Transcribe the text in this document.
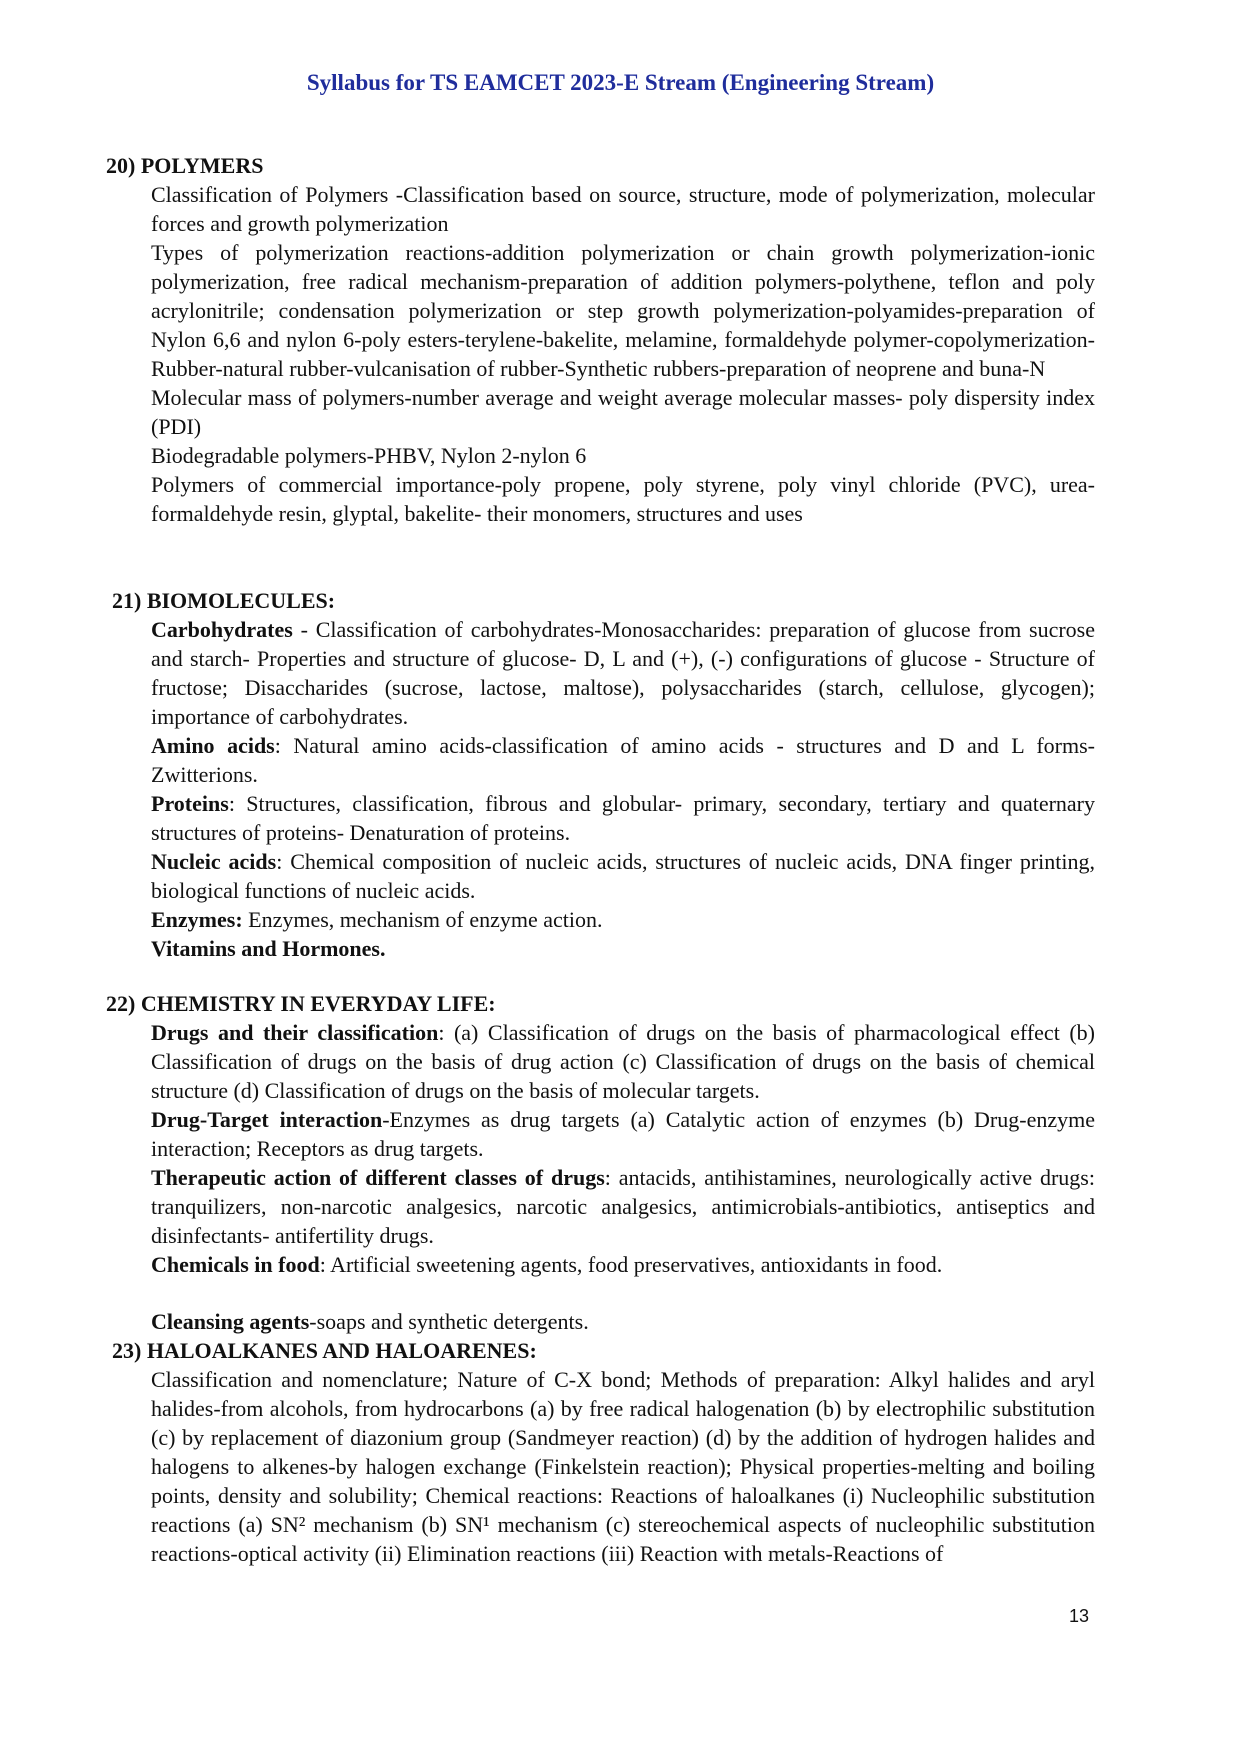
Syllabus for TS EAMCET 2023-E Stream (Engineering Stream)
20) POLYMERS

Classification of Polymers -Classification based on source, structure, mode of polymerization, molecular forces and growth polymerization

Types of polymerization reactions-addition polymerization or chain growth polymerization-ionic polymerization, free radical mechanism-preparation of addition polymers-polythene, teflon and poly acrylonitrile; condensation polymerization or step growth polymerization-polyamides-preparation of Nylon 6,6 and nylon 6-poly esters-terylene-bakelite, melamine, formaldehyde polymer-copolymerization-Rubber-natural rubber-vulcanisation of rubber-Synthetic rubbers-preparation of neoprene and buna-N

Molecular mass of polymers-number average and weight average molecular masses- poly dispersity index (PDI)

Biodegradable polymers-PHBV, Nylon 2-nylon 6

Polymers of commercial importance-poly propene, poly styrene, poly vinyl chloride (PVC), urea-formaldehyde resin, glyptal, bakelite- their monomers, structures and uses

21) BIOMOLECULES:

Carbohydrates - Classification of carbohydrates-Monosaccharides: preparation of glucose from sucrose and starch- Properties and structure of glucose- D, L and (+), (-) configurations of glucose - Structure of fructose; Disaccharides (sucrose, lactose, maltose), polysaccharides (starch, cellulose, glycogen); importance of carbohydrates.

Amino acids: Natural amino acids-classification of amino acids - structures and D and L forms-Zwitterions.

Proteins: Structures, classification, fibrous and globular- primary, secondary, tertiary and quaternary structures of proteins- Denaturation of proteins.

Nucleic acids: Chemical composition of nucleic acids, structures of nucleic acids, DNA finger printing, biological functions of nucleic acids.

Enzymes: Enzymes, mechanism of enzyme action.

Vitamins and Hormones.

22) CHEMISTRY IN EVERYDAY LIFE:

Drugs and their classification: (a) Classification of drugs on the basis of pharmacological effect (b) Classification of drugs on the basis of drug action (c) Classification of drugs on the basis of chemical structure (d) Classification of drugs on the basis of molecular targets.

Drug-Target interaction-Enzymes as drug targets (a) Catalytic action of enzymes (b) Drug-enzyme interaction; Receptors as drug targets.

Therapeutic action of different classes of drugs: antacids, antihistamines, neurologically active drugs: tranquilizers, non-narcotic analgesics, narcotic analgesics, antimicrobials-antibiotics, antiseptics and disinfectants- antifertility drugs.

Chemicals in food: Artificial sweetening agents, food preservatives, antioxidants in food.

Cleansing agents-soaps and synthetic detergents.

23) HALOALKANES AND HALOARENES:

Classification and nomenclature; Nature of C-X bond; Methods of preparation: Alkyl halides and aryl halides-from alcohols, from hydrocarbons (a) by free radical halogenation (b) by electrophilic substitution (c) by replacement of diazonium group (Sandmeyer reaction) (d) by the addition of hydrogen halides and halogens to alkenes-by halogen exchange (Finkelstein reaction); Physical properties-melting and boiling points, density and solubility; Chemical reactions: Reactions of haloalkanes (i) Nucleophilic substitution reactions (a) SN² mechanism (b) SN¹ mechanism (c) stereochemical aspects of nucleophilic substitution reactions-optical activity (ii) Elimination reactions (iii) Reaction with metals-Reactions of

13
